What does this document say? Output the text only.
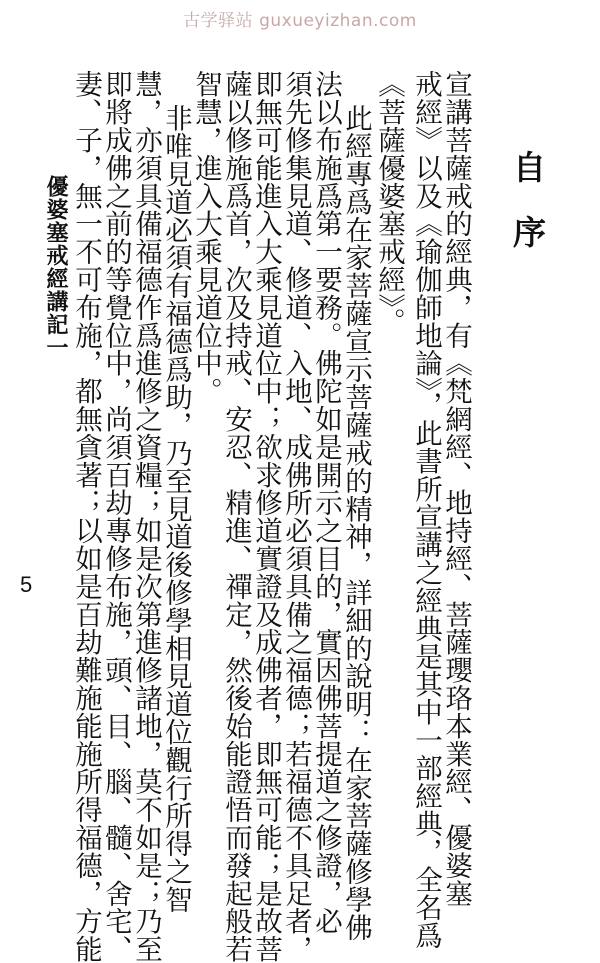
古学驿站 guxueyizhan.com
自序
宣講菩薩戒的經典，有《梵網經、地持經、菩薩瓔珞本業經、優婆塞
戒經》以及《瑜伽師地論》，此書所宣講之經典是其中一部經典，全名爲
《菩薩優婆塞戒經》。
此經專爲在家菩薩宣示菩薩戒的精神，詳細的說明：在家菩薩修學佛
法以布施爲第一要務。佛陀如是開示之目的，實因佛菩提道之修證，必
須先修集見道、修道、入地、成佛所必須具備之福德；若福德不具足者，
即無可能進入大乘見道位中；欲求修道實證及成佛者，即無可能；是故菩
薩以修施爲首，次及持戒、安忍、精進、禪定，然後始能證悟而發起般若
智慧，進入大乘見道位中。
非唯見道必須有福德爲助，乃至見道後修學相見道位觀行所得之智
慧，亦須具備福德作爲進修之資糧；如是次第進修諸地，莫不如是；乃至
即將成佛之前的等覺位中，尚須百劫專修布施，頭、目、腦、髓、舍宅、
妻、子，無一不可布施，都無貪著；以如是百劫難施能施所得福德，方能
優婆塞戒經講記一
5
